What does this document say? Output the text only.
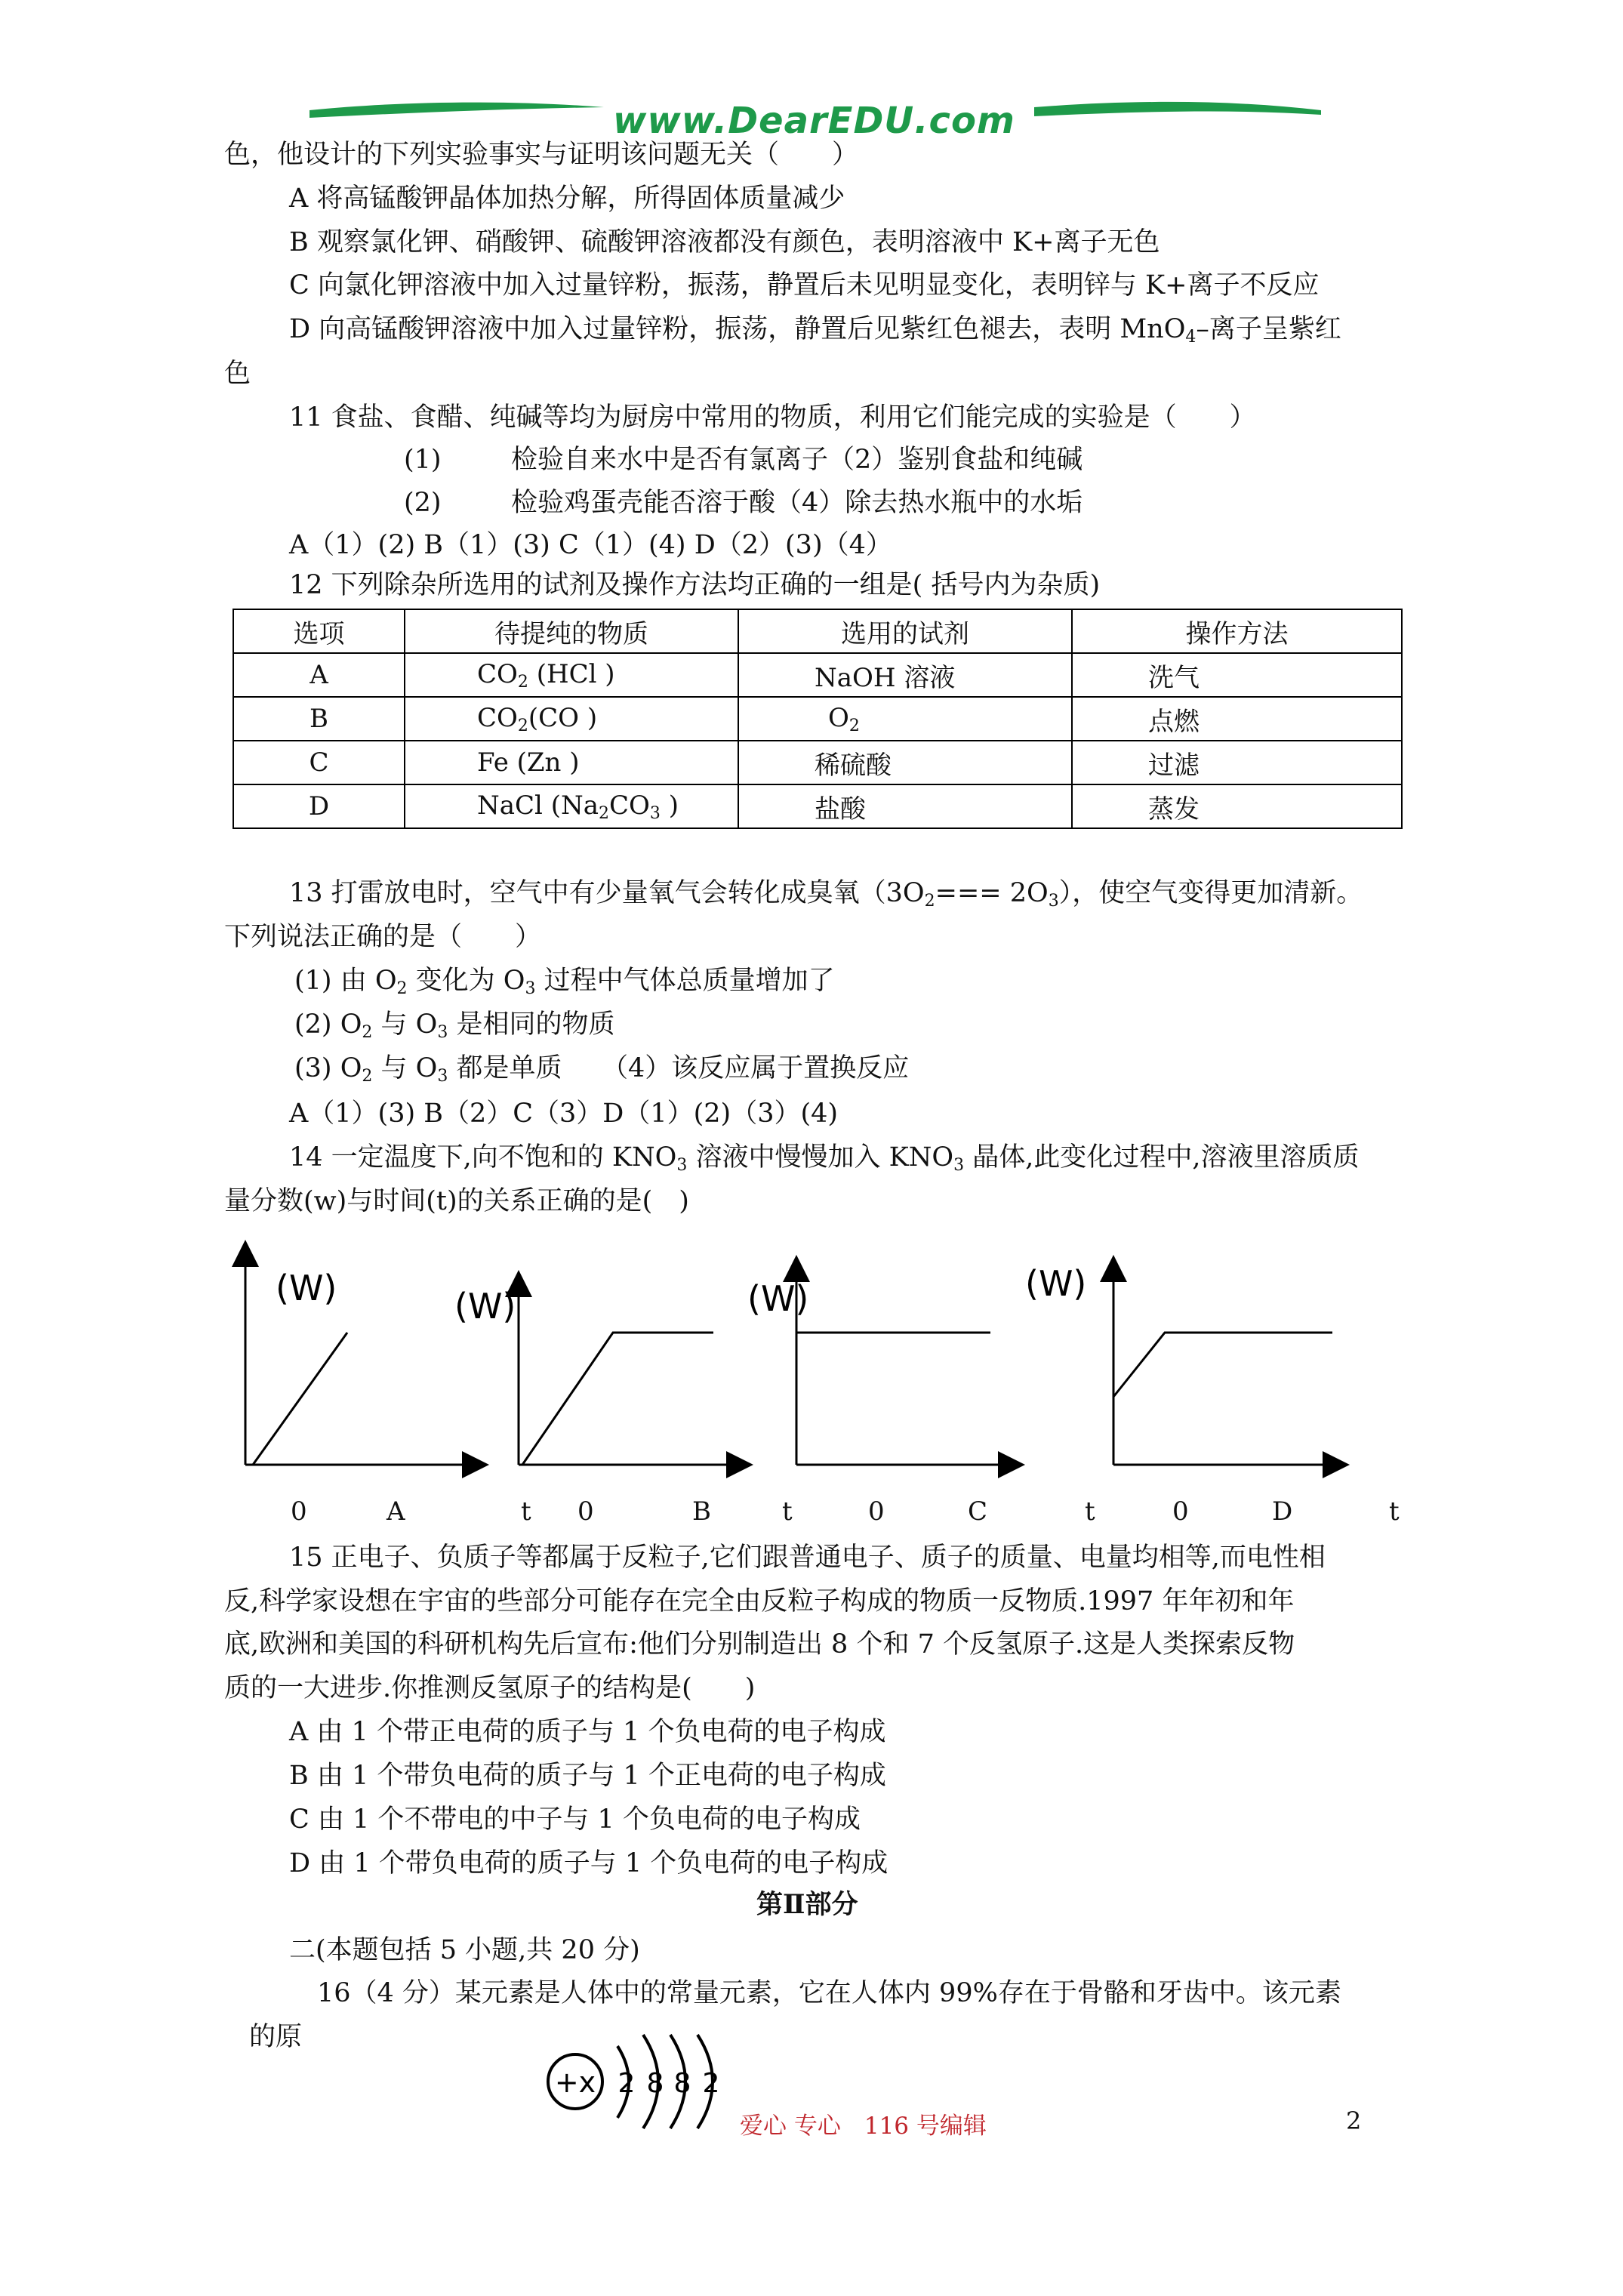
www.DearEDU.com
色，他设计的下列实验事实与证明该问题无关（　　）
A 将高锰酸钾晶体加热分解，所得固体质量减少
B 观察氯化钾、硝酸钾、硫酸钾溶液都没有颜色，表明溶液中 K+离子无色
C 向氯化钾溶液中加入过量锌粉，振荡，静置后未见明显变化，表明锌与 K+离子不反应
D 向高锰酸钾溶液中加入过量锌粉，振荡，静置后见紫红色褪去，表明 MnO$_4$–离子呈紫红
色
11 食盐、食醋、纯碱等均为厨房中常用的物质，利用它们能完成的实验是（　　）
(1)	检验自来水中是否有氯离子（2）鉴别食盐和纯碱
(2)	检验鸡蛋壳能否溶于酸（4）除去热水瓶中的水垢
A（1）(2) B（1）(3) C（1）(4) D（2）(3)（4）
12 下列除杂所选用的试剂及操作方法均正确的一组是( 括号内为杂质)
选项	待提纯的物质	选用的试剂	操作方法
A	$CO_2$ (HCl )	NaOH 溶液	洗气
B	$CO_2(CO$ )	$O_2$	点燃
C	Fe (Zn )	稀硫酸	过滤
D	NaCl ($Na_2CO_3$ )	盐酸	蒸发
13 打雷放电时，空气中有少量氧气会转化成臭氧$(3O_2=== 2O_3)$，使空气变得更加清新。
下列说法正确的是（　　）
(1) 由 $O_2$ 变化为 $O_3$ 过程中气体总质量增加了
(2) $O_2$ 与 $O_3$ 是相同的物质
(3) $O_2$ 与 $O_3$ 都是单质　　（4）该反应属于置换反应
A（1）(3) B（2）C（3）D（1）(2)（3）(4)
14 一定温度下,向不饱和的 $KNO_3$ 溶液中慢慢加入 $KNO_3$ 晶体,此变化过程中,溶液里溶质质
量分数(w)与时间(t)的关系正确的是(　)
(W)	(W)	(W)	(W)
0	A	t 0	B	t	0	C	t	0	D	t
15 正电子、负质子等都属于反粒子,它们跟普通电子、质子的质量、电量均相等,而电性相
反,科学家设想在宇宙的些部分可能存在完全由反粒子构成的物质一反物质.1997 年年初和年
底,欧洲和美国的科研机构先后宣布:他们分别制造出 8 个和 7 个反氢原子.这是人类探索反物
质的一大进步.你推测反氢原子的结构是(　　)
A 由 1 个带正电荷的质子与 1 个负电荷的电子构成
B 由 1 个带负电荷的质子与 1 个正电荷的电子构成
C 由 1 个不带电的中子与 1 个负电荷的电子构成
D 由 1 个带负电荷的质子与 1 个负电荷的电子构成
第Ⅱ部分
二(本题包括 5 小题,共 20 分)
16（4 分）某元素是人体中的常量元素，它在人体内 99%存在于骨骼和牙齿中。该元素
的原
+x 2 8 8 2
爱心 专心　116 号编辑	2
